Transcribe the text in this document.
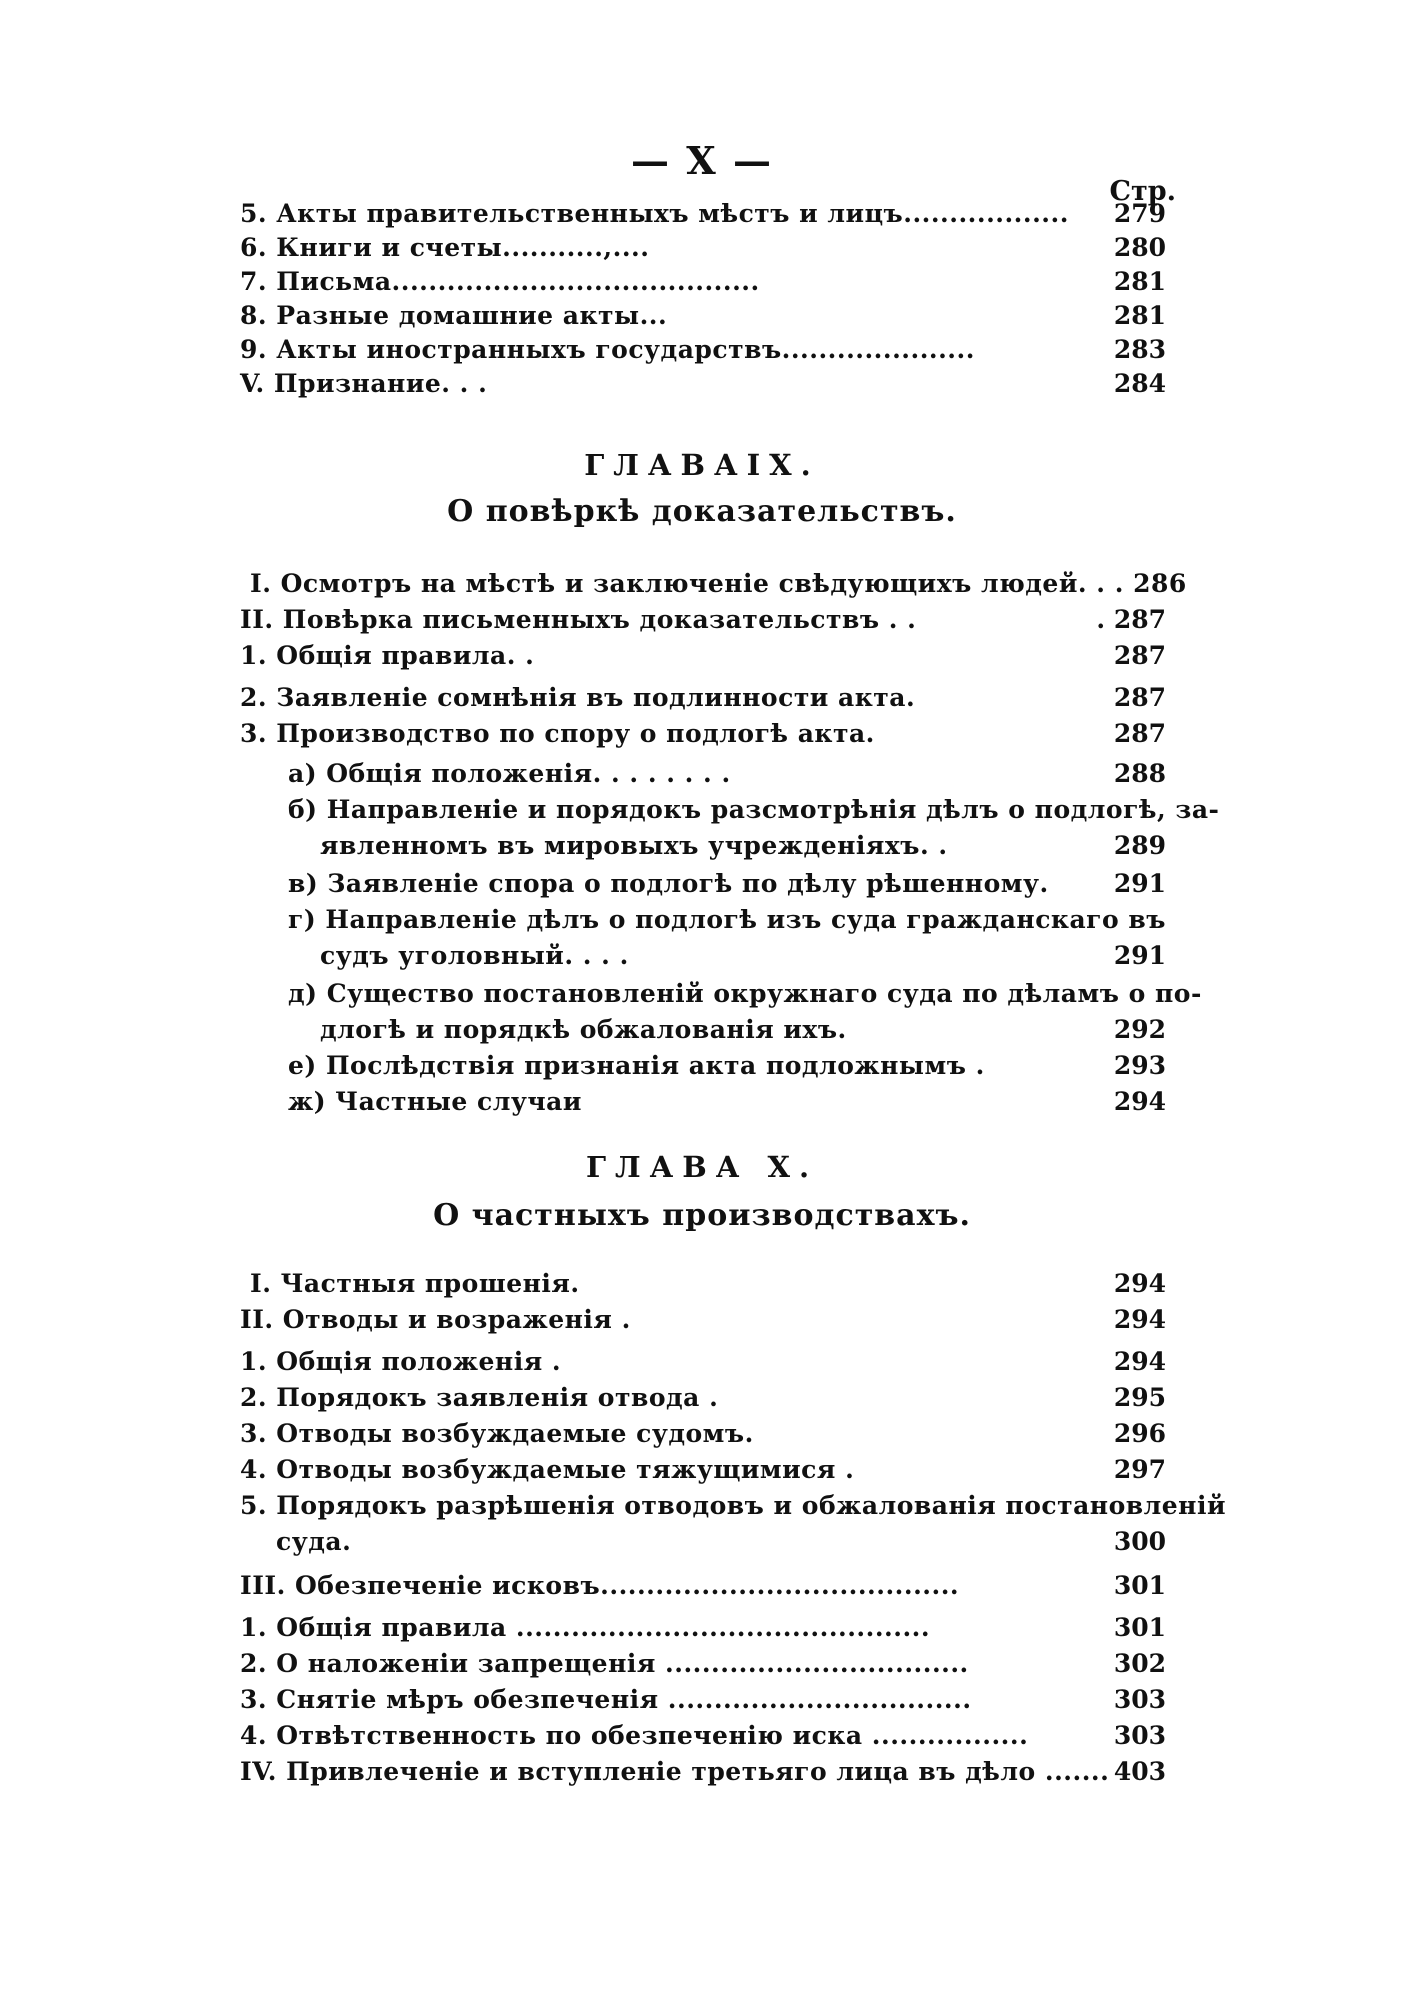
— X —
Стр.
5. Акты правительственныхъ мѣстъ и лицъ..................	279
6. Книги и счеты...........,....	280
7. Письма........................................	281
8. Разные домашние акты...	281
9. Акты иностранныхъ государствъ.....................	283
V. Признание. . .	284
ГЛАВАIX.
О повѣркѣ доказательствъ.
I. Осмотръ на мѣстѣ и заключеніе свѣдующихъ людей. . . 286
II. Повѣрка письменныхъ доказательствъ . .	. 287
1. Общія правила. .	287
2. Заявленіе сомнѣнія въ подлинности акта.	287
3. Производство по спору о подлогѣ акта.	287
а) Общія положенія. . . . . . . .	288
б) Направленіе и порядокъ разсмотрѣнія дѣлъ о подлогѣ, за-
явленномъ въ мировыхъ учрежденіяхъ. .	289
в) Заявленіе спора о подлогѣ по дѣлу рѣшенному.	291
г) Направленіе дѣлъ о подлогѣ изъ суда гражданскаго въ
судъ уголовный. . . .	291
д) Существо постановленій окружнаго суда по дѣламъ о по-
длогѣ и порядкѣ обжалованія ихъ.	292
е) Послѣдствія признанія акта подложнымъ .	293
ж) Частные случаи	294
ГЛАВА X.
О частныхъ производствахъ.
I. Частныя прошенія.	294
II. Отводы и возраженія .	294
1. Общія положенія .	294
2. Порядокъ заявленія отвода .	295
3. Отводы возбуждаемые судомъ.	296
4. Отводы возбуждаемые тяжущимися .	297
5. Порядокъ разрѣшенія отводовъ и обжалованія постановленій
суда.	300
III. Обезпеченіе исковъ.......................................	301
1. Общія правила .............................................	301
2. О наложеніи запрещенія .................................	302
3. Снятіе мѣръ обезпеченія .................................	303
4. Отвѣтственность по обезпеченію иска .................	303
IV. Привлеченіе и вступленіе третьяго лица въ дѣло ....... 403
